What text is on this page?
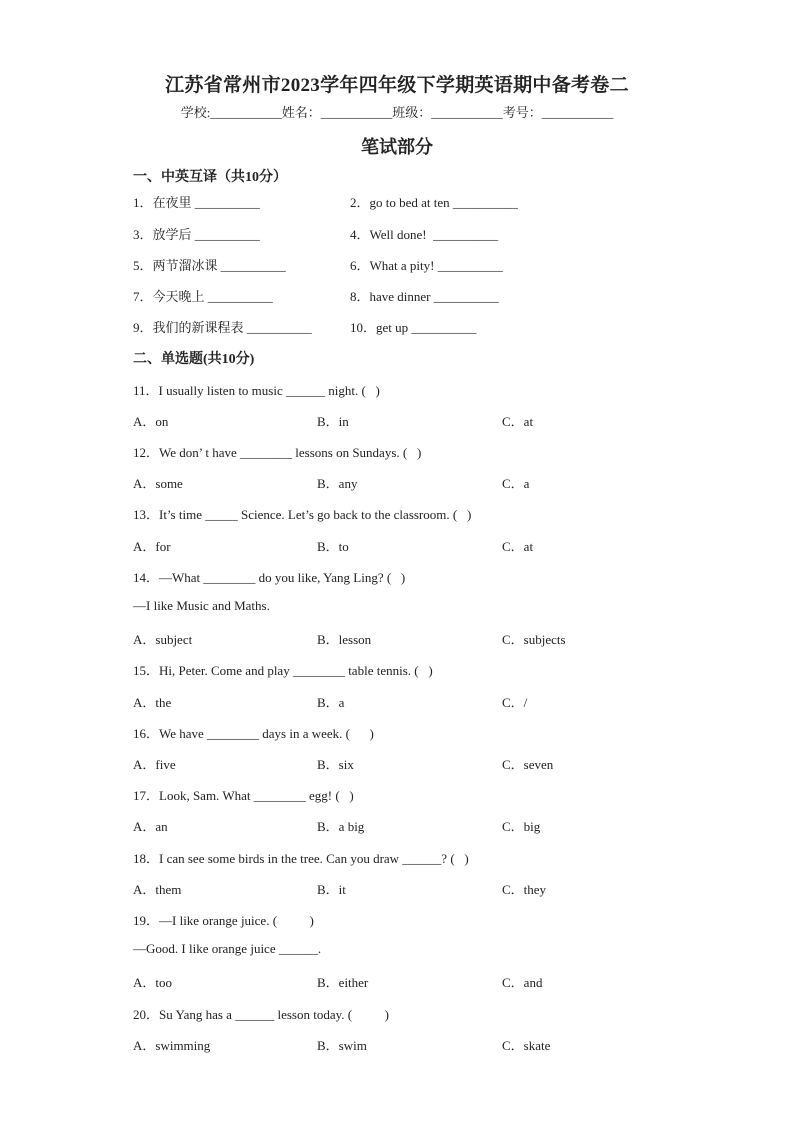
江苏省常州市2023学年四年级下学期英语期中备考卷二
学校:___________姓名：___________班级：___________考号：___________
笔试部分
一、中英互译（共10分）
1．在夜里 __________	2．go to bed at ten __________
3．放学后 __________	4．Well done!  __________
5．两节溜冰课 __________	6．What a pity! __________
7．今天晚上 __________	8．have dinner __________
9．我们的新课程表 __________	10．get up __________
二、单选题(共10分)
11．I usually listen to music ______ night. (   )
A．on	B．in	C．at
12．We don’ t have ________ lessons on Sundays. (   )
A．some	B．any	C．a
13．It’s time _____ Science. Let’s go back to the classroom. (   )
A．for	B．to	C．at
14．—What ________ do you like, Yang Ling? (   )
—I like Music and Maths.
A．subject	B．lesson	C．subjects
15．Hi, Peter. Come and play ________ table tennis. (   )
A．the	B．a	C．/
16．We have ________ days in a week. (      )
A．five	B．six	C．seven
17．Look, Sam. What ________ egg! (   )
A．an	B．a big	C．big
18．I can see some birds in the tree. Can you draw ______? (   )
A．them	B．it	C．they
19．—I like orange juice. (          )
—Good. I like orange juice ______.
A．too	B．either	C．and
20．Su Yang has a ______ lesson today. (          )
A．swimming	B．swim	C．skate
